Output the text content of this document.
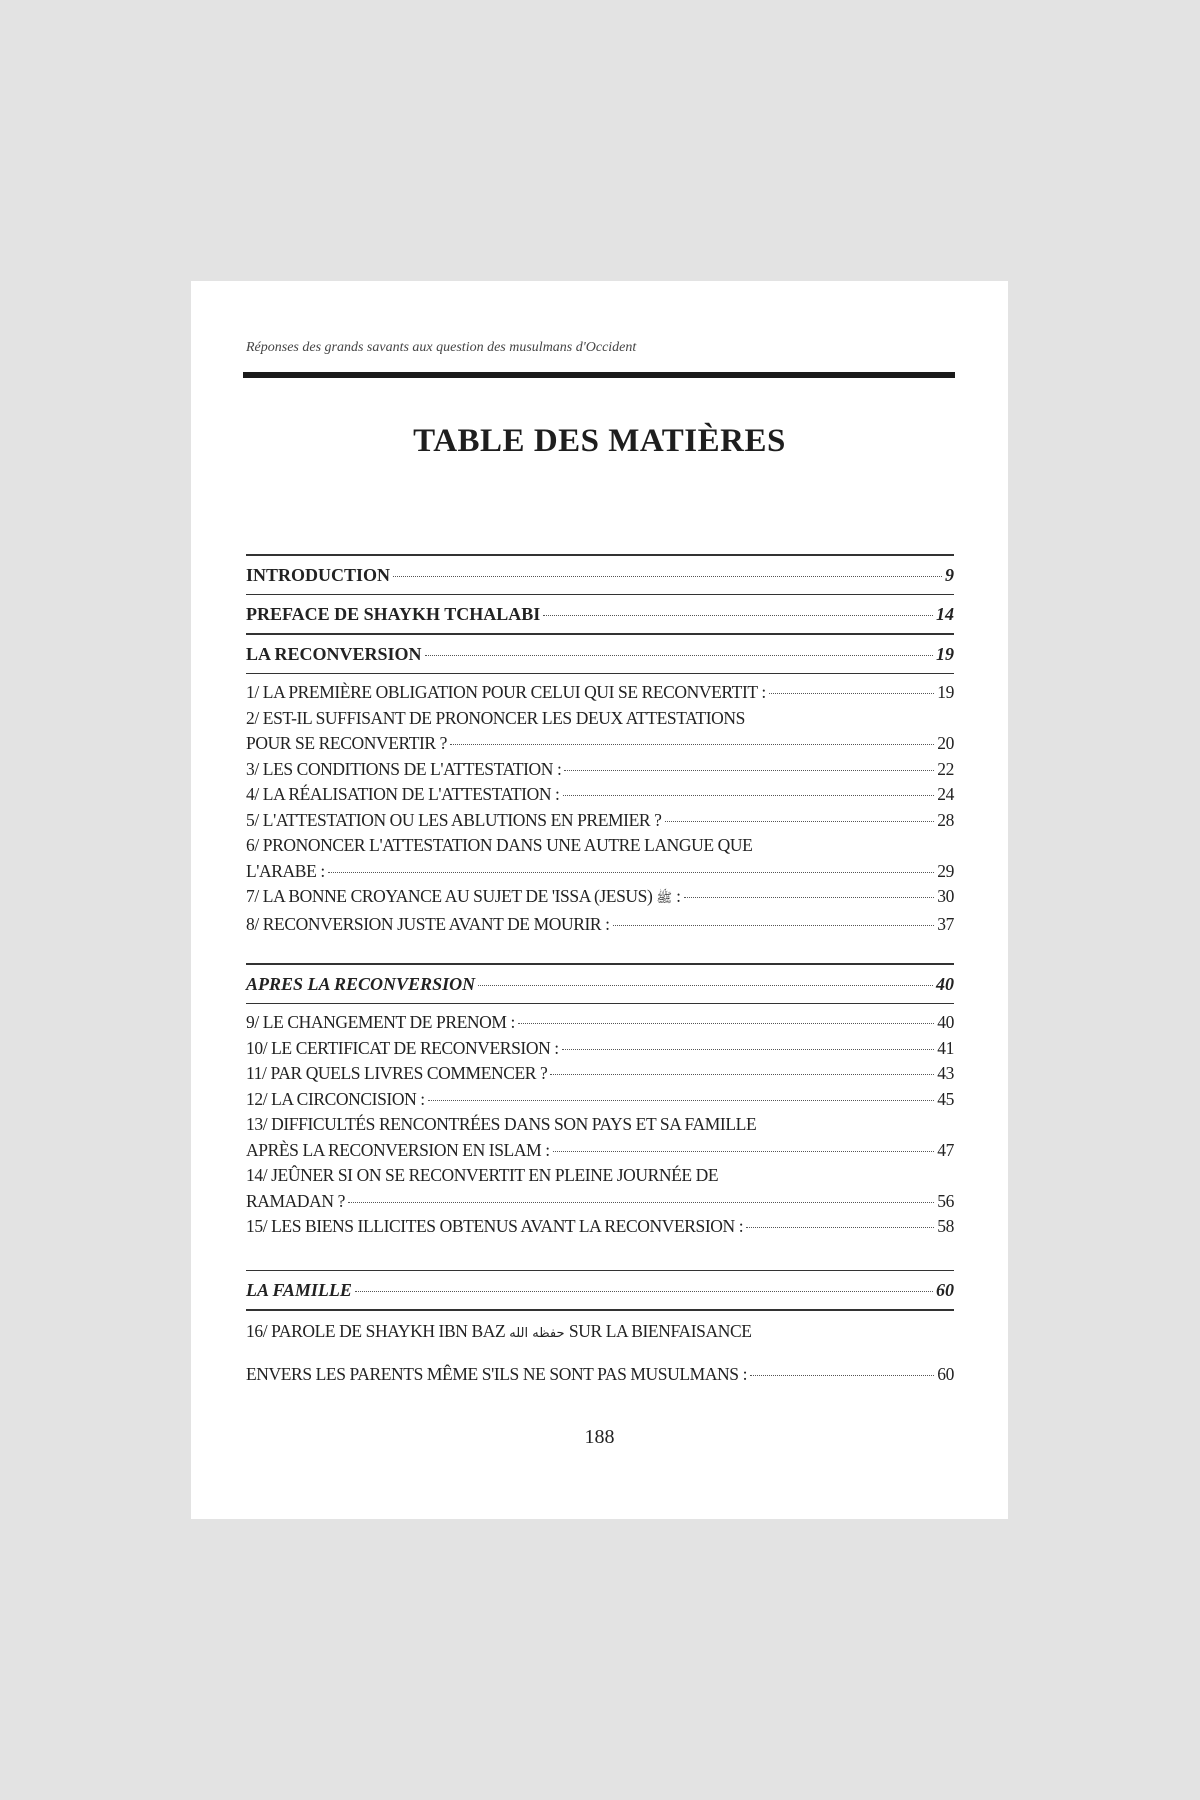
Réponses des grands savants aux question des musulmans d'Occident
TABLE DES MATIÈRES
INTRODUCTION	9
PREFACE DE SHAYKH TCHALABI	14
LA RECONVERSION	19
1/ LA PREMIÈRE OBLIGATION POUR CELUI QUI SE RECONVERTIT :	19
2/ EST-IL SUFFISANT DE PRONONCER LES DEUX ATTESTATIONS
POUR SE RECONVERTIR ?	20
3/ LES CONDITIONS DE L'ATTESTATION :	22
4/ LA RÉALISATION DE L'ATTESTATION :	24
5/ L'ATTESTATION OU LES ABLUTIONS EN PREMIER ?	28
6/ PRONONCER L'ATTESTATION DANS UNE AUTRE LANGUE QUE
L'ARABE :	29
7/ LA BONNE CROYANCE AU SUJET DE 'ISSA (JESUS)
ﷺ
:	30
8/ RECONVERSION JUSTE AVANT DE MOURIR :	37
APRES LA RECONVERSION	40
9/ LE CHANGEMENT DE PRENOM :	40
10/ LE CERTIFICAT DE RECONVERSION :	41
11/ PAR QUELS LIVRES COMMENCER ?	43
12/ LA CIRCONCISION :	45
13/ DIFFICULTÉS RENCONTRÉES DANS SON PAYS ET SA FAMILLE
APRÈS LA RECONVERSION EN ISLAM :	47
14/ JEÛNER SI ON SE RECONVERTIT EN PLEINE JOURNÉE DE
RAMADAN ?	56
15/ LES BIENS ILLICITES OBTENUS AVANT LA RECONVERSION :	58
LA FAMILLE	60
16/ PAROLE DE SHAYKH IBN BAZ حفظه الله SUR LA BIENFAISANCE
ENVERS LES PARENTS MÊME S'ILS NE SONT PAS MUSULMANS :	60
188
